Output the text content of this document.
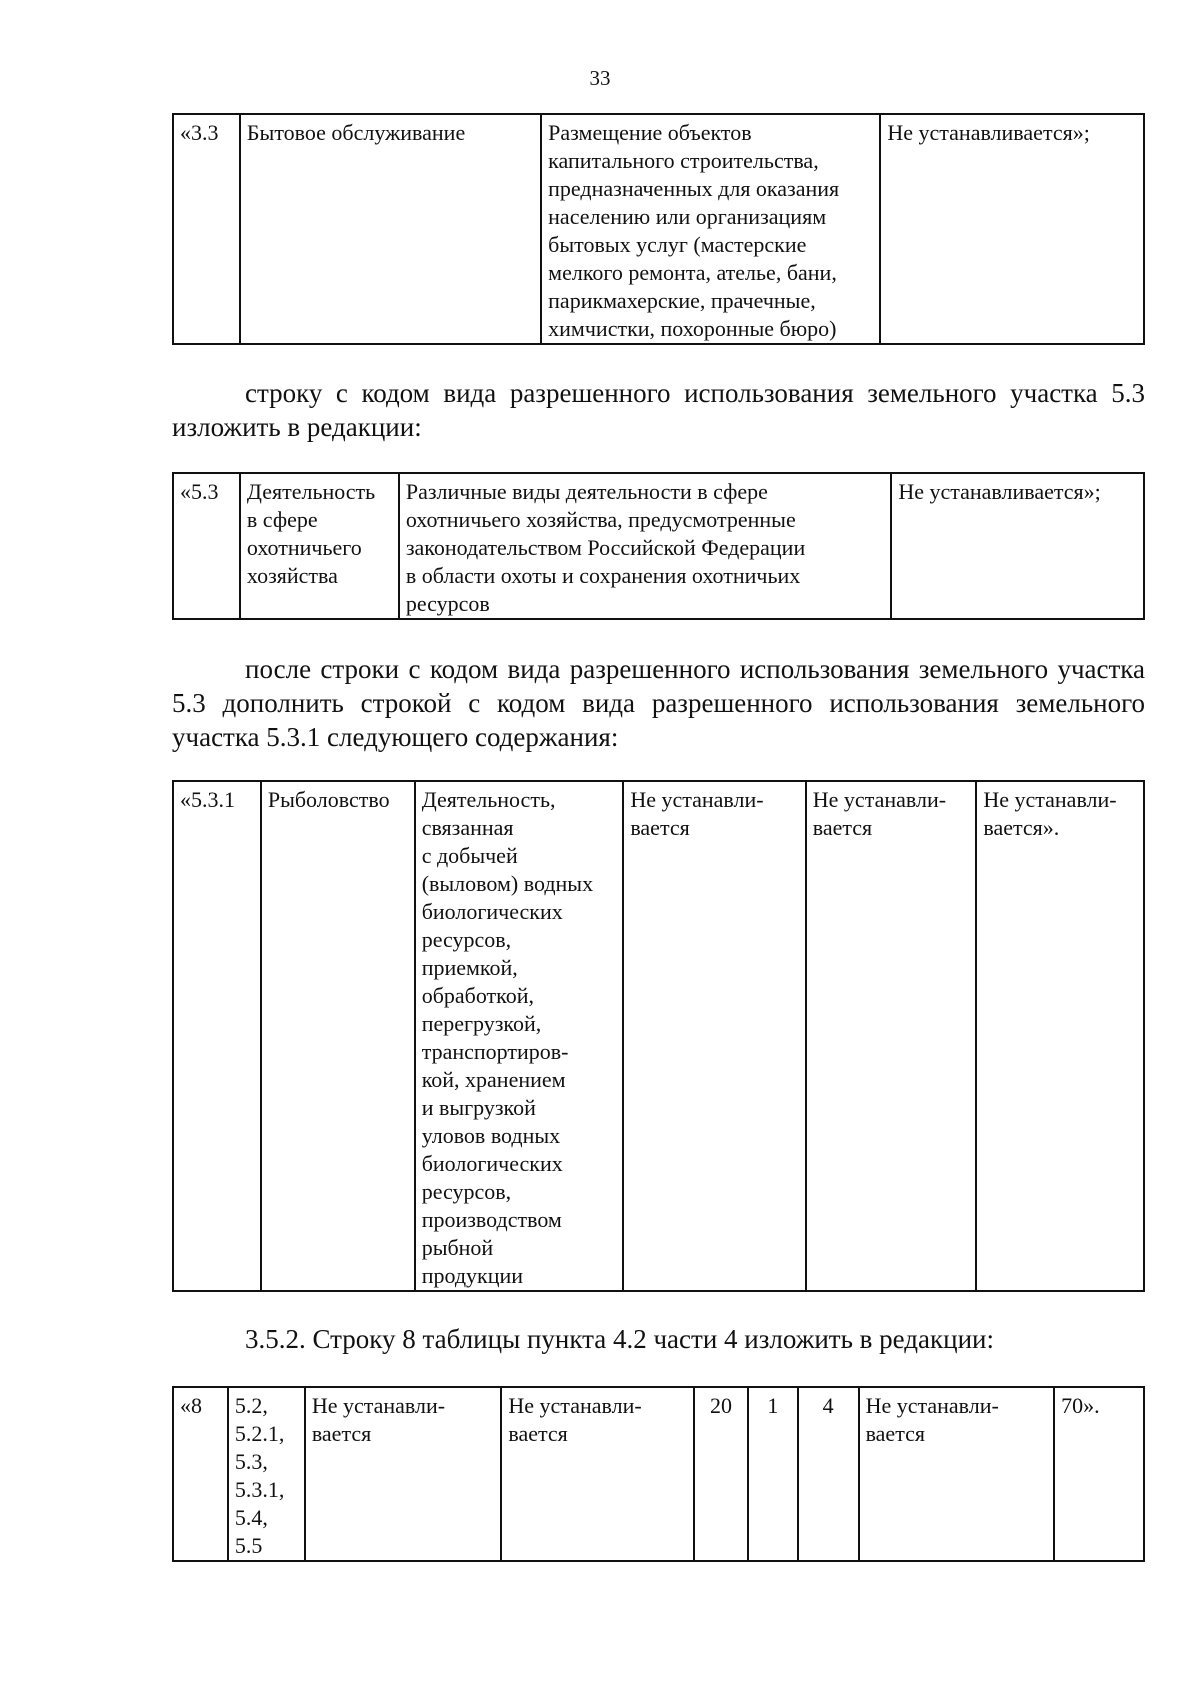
33
«3.3	Бытовое обслуживание	Размещение объектов
капитального строительства,
предназначенных для оказания
населению или организациям
бытовых услуг (мастерские
мелкого ремонта, ателье, бани,
парикмахерские, прачечные,
химчистки, похоронные бюро)	Не устанавливается»;
строку с кодом вида разрешенного использования земельного участка 5.3 изложить в редакции:
«5.3	Деятельность
в сфере
охотничьего
хозяйства	Различные виды деятельности в сфере
охотничьего хозяйства, предусмотренные
законодательством Российской Федерации
в области охоты и сохранения охотничьих
ресурсов	Не устанавливается»;
после строки с кодом вида разрешенного использования земельного участка 5.3 дополнить строкой с кодом вида разрешенного использования земельного участка 5.3.1 следующего содержания:
«5.3.1	Рыболовство	Деятельность,
связанная
с добычей
(выловом) водных
биологических
ресурсов,
приемкой,
обработкой,
перегрузкой,
транспортиров-
кой, хранением
и выгрузкой
уловов водных
биологических
ресурсов,
производством
рыбной
продукции	Не устанавли-
вается	Не устанавли-
вается	Не устанавли-
вается».
3.5.2. Строку 8 таблицы пункта 4.2 части 4 изложить в редакции:
«8	5.2,
5.2.1,
5.3,
5.3.1,
5.4,
5.5	Не устанавли-
вается	Не устанавли-
вается	20	1	4	Не устанавли-
вается	70».
